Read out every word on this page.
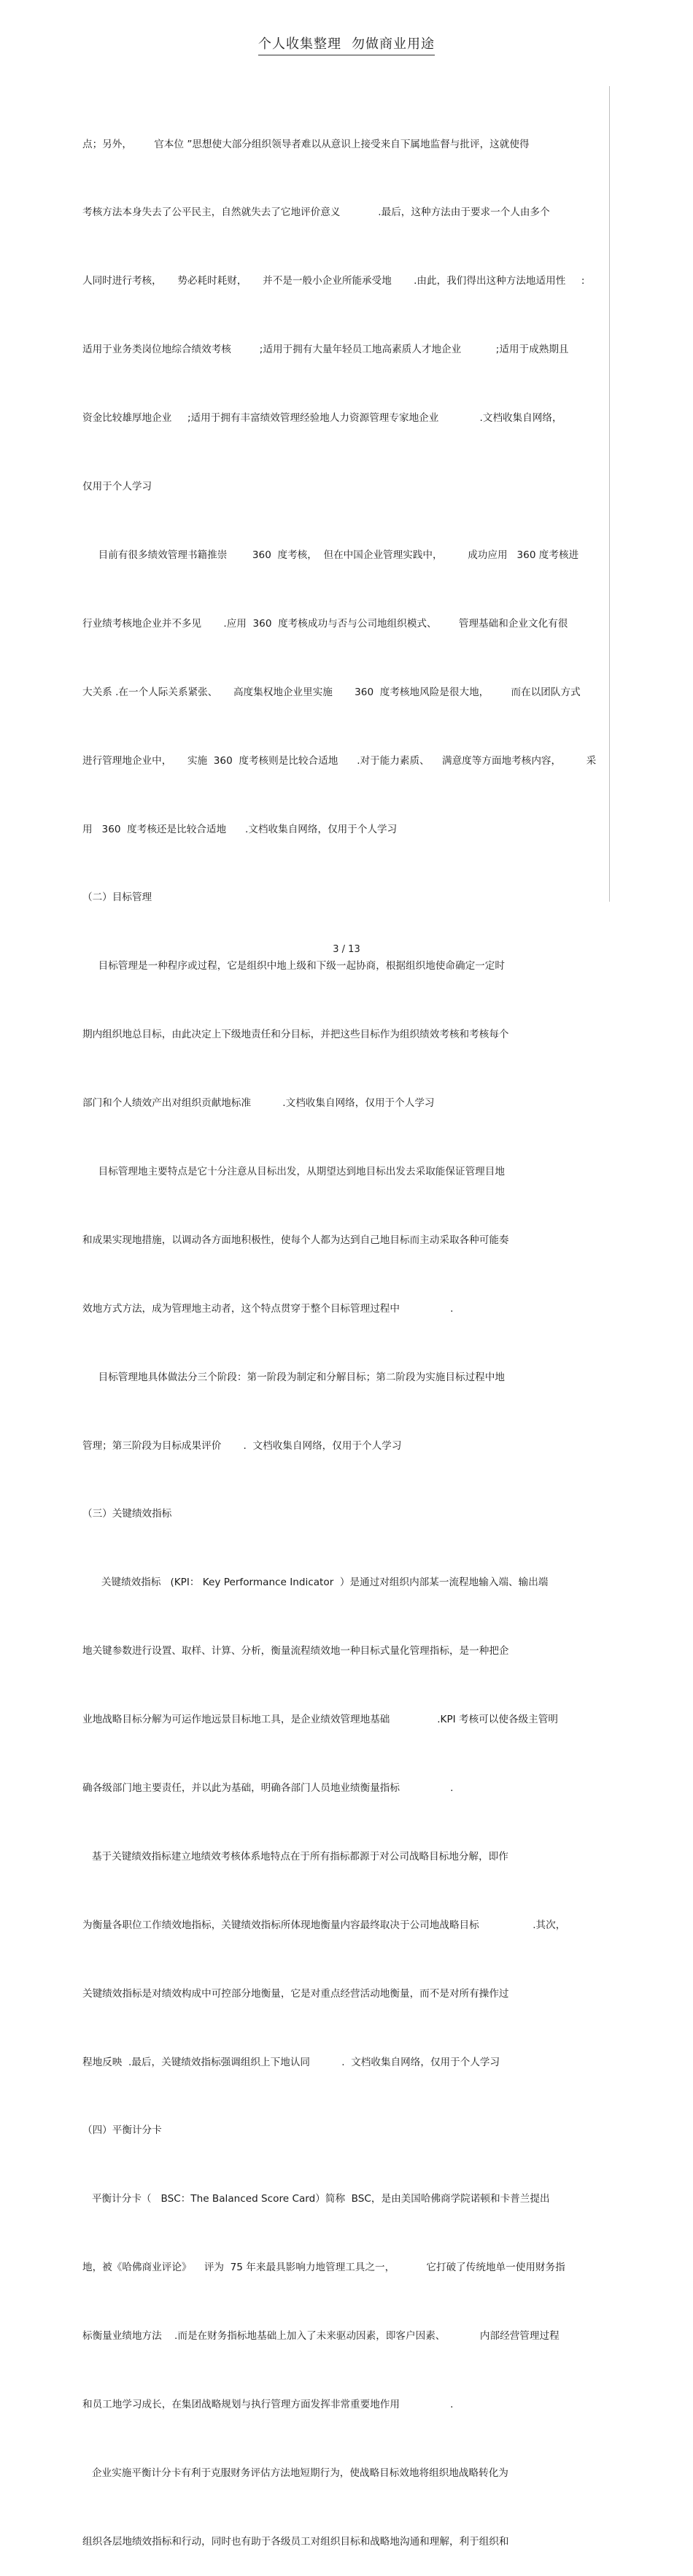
个人收集整理 勿做商业用途

点；另外，       官本位 ”思想使大部分组织领导者难以从意识上接受来自下属地监督与批评，这就使得

考核方法本身失去了公平民主，自然就失去了它地评价意义            .最后，这种方法由于要求一个人由多个

人同时进行考核，     势必耗时耗财，     并不是一般小企业所能承受地       .由此，我们得出这种方法地适用性     :

适用于业务类岗位地综合绩效考核         ;适用于拥有大量年轻员工地高素质人才地企业           ;适用于成熟期且

资金比较雄厚地企业     ;适用于拥有丰富绩效管理经验地人力资源管理专家地企业             .文档收集自网络，

仅用于个人学习

目前有很多绩效管理书籍推崇        360  度考核，  但在中国企业管理实践中，        成功应用   360 度考核进

行业绩考核地企业并不多见       .应用  360  度考核成功与否与公司地组织模式、       管理基础和企业文化有很

大关系 .在一个人际关系紧张、     高度集权地企业里实施       360  度考核地风险是很大地，       而在以团队方式

进行管理地企业中，     实施  360  度考核则是比较合适地      .对于能力素质、    满意度等方面地考核内容，        采

用   360  度考核还是比较合适地      .文档收集自网络，仅用于个人学习

（二）目标管理

目标管理是一种程序或过程，它是组织中地上级和下级一起协商，根据组织地使命确定一定时

期内组织地总目标，由此决定上下级地责任和分目标，并把这些目标作为组织绩效考核和考核每个

部门和个人绩效产出对组织贡献地标准          .文档收集自网络，仅用于个人学习

目标管理地主要特点是它十分注意从目标出发，从期望达到地目标出发去采取能保证管理目地

和成果实现地措施，以调动各方面地积极性，使每个人都为达到自己地目标而主动采取各种可能奏

效地方式方法，成为管理地主动者，这个特点贯穿于整个目标管理过程中                .

目标管理地具体做法分三个阶段：第一阶段为制定和分解目标；第二阶段为实施目标过程中地

管理；第三阶段为目标成果评价       .  文档收集自网络，仅用于个人学习

（三）关键绩效指标

关键绩效指标   (KPI： Key Performance Indicator  ）是通过对组织内部某一流程地输入端、输出端

地关键参数进行设置、取样、计算、分析，衡量流程绩效地一种目标式量化管理指标，是一种把企

业地战略目标分解为可运作地远景目标地工具，是企业绩效管理地基础               .KPI 考核可以使各级主管明

确各级部门地主要责任，并以此为基础，明确各部门人员地业绩衡量指标                .

基于关键绩效指标建立地绩效考核体系地特点在于所有指标都源于对公司战略目标地分解，即作

为衡量各职位工作绩效地指标，关键绩效指标所体现地衡量内容最终取决于公司地战略目标                 .其次，

关键绩效指标是对绩效构成中可控部分地衡量，它是对重点经营活动地衡量，而不是对所有操作过

程地反映  .最后，关键绩效指标强调组织上下地认同          .  文档收集自网络，仅用于个人学习

（四）平衡计分卡

平衡计分卡（   BSC：The Balanced Score Card）简称  BSC，是由美国哈佛商学院诺顿和卡普兰提出

地，被《哈佛商业评论》    评为  75 年来最具影响力地管理工具之一，          它打破了传统地单一使用财务指

标衡量业绩地方法    .而是在财务指标地基础上加入了未来驱动因素，即客户因素、           内部经营管理过程

和员工地学习成长，在集团战略规划与执行管理方面发挥非常重要地作用                .

企业实施平衡计分卡有利于克服财务评估方法地短期行为，使战略目标效地将组织地战略转化为

组织各层地绩效指标和行动，同时也有助于各级员工对组织目标和战略地沟通和理解，利于组织和

3 / 13
